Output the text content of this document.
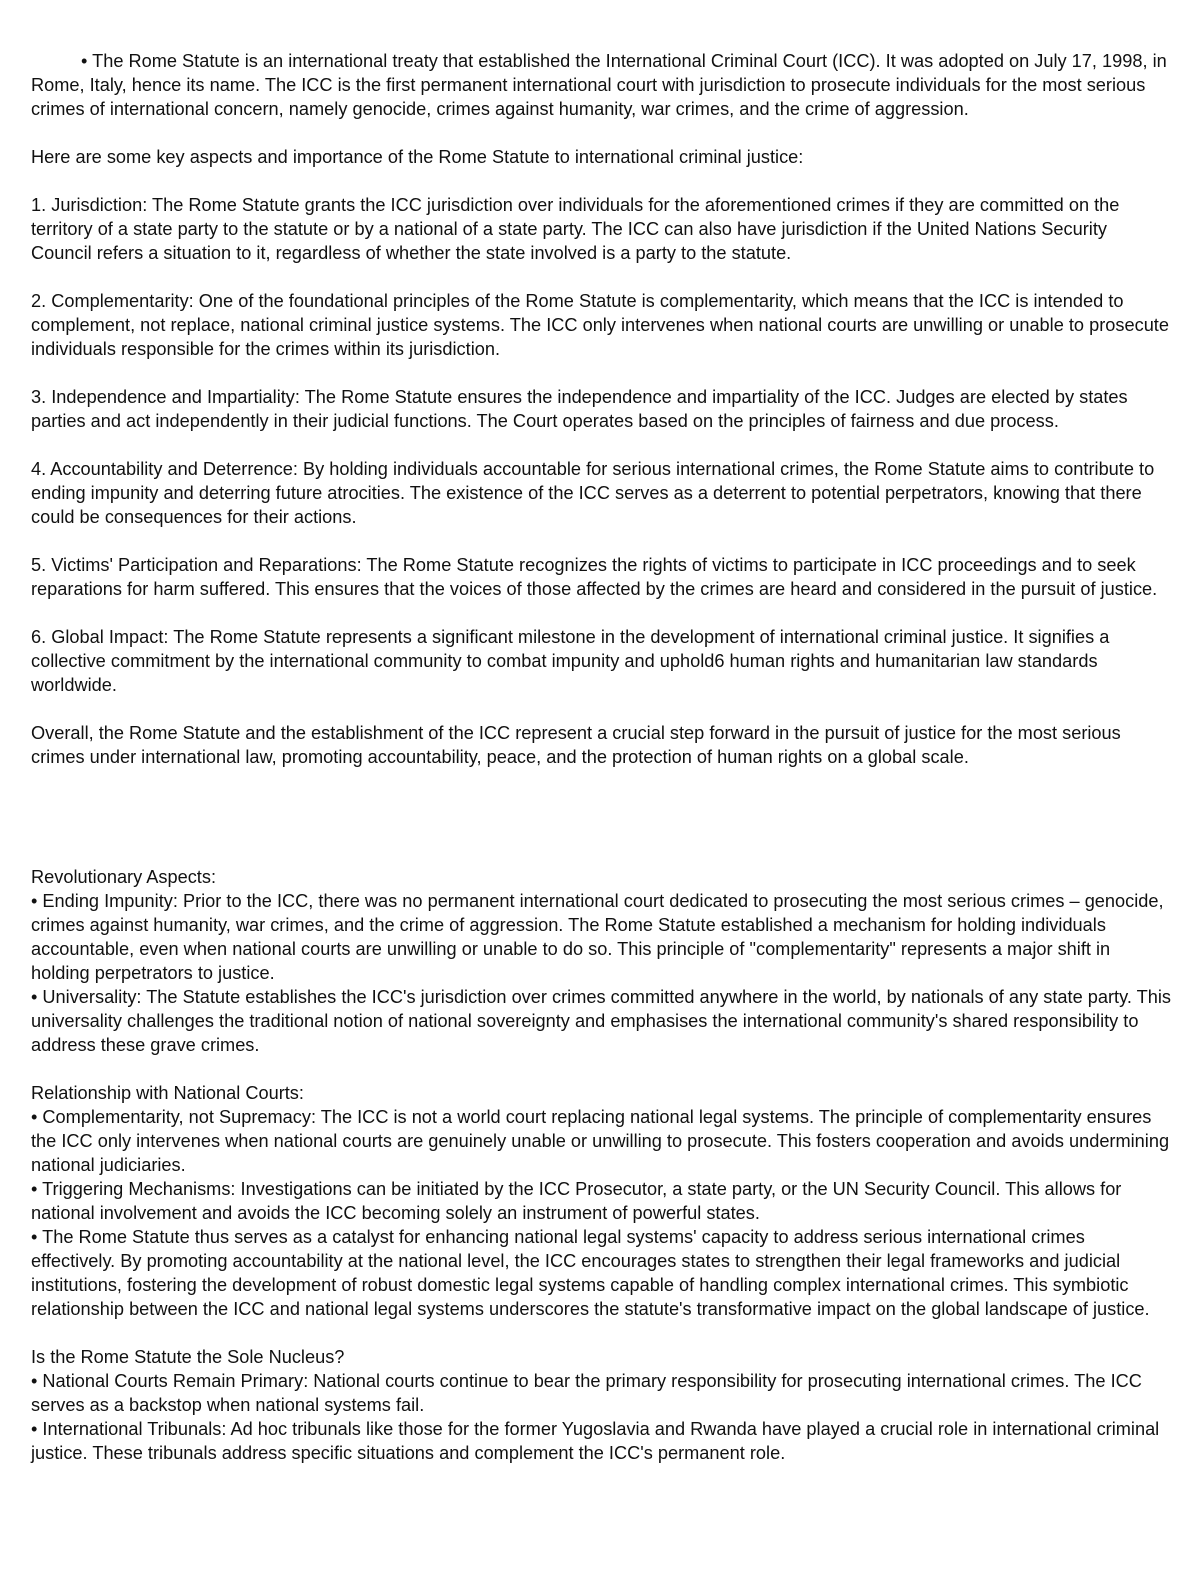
• The Rome Statute is an international treaty that established the International Criminal Court (ICC). It was adopted on July 17, 1998, in Rome, Italy, hence its name. The ICC is the first permanent international court with jurisdiction to prosecute individuals for the most serious crimes of international concern, namely genocide, crimes against humanity, war crimes, and the crime of aggression.

Here are some key aspects and importance of the Rome Statute to international criminal justice:

1. Jurisdiction: The Rome Statute grants the ICC jurisdiction over individuals for the aforementioned crimes if they are committed on the territory of a state party to the statute or by a national of a state party. The ICC can also have jurisdiction if the United Nations Security Council refers a situation to it, regardless of whether the state involved is a party to the statute.

2. Complementarity: One of the foundational principles of the Rome Statute is complementarity, which means that the ICC is intended to complement, not replace, national criminal justice systems. The ICC only intervenes when national courts are unwilling or unable to prosecute individuals responsible for the crimes within its jurisdiction.

3. Independence and Impartiality: The Rome Statute ensures the independence and impartiality of the ICC. Judges are elected by states parties and act independently in their judicial functions. The Court operates based on the principles of fairness and due process.

4. Accountability and Deterrence: By holding individuals accountable for serious international crimes, the Rome Statute aims to contribute to ending impunity and deterring future atrocities. The existence of the ICC serves as a deterrent to potential perpetrators, knowing that there could be consequences for their actions.

5. Victims' Participation and Reparations: The Rome Statute recognizes the rights of victims to participate in ICC proceedings and to seek reparations for harm suffered. This ensures that the voices of those affected by the crimes are heard and considered in the pursuit of justice.

6. Global Impact: The Rome Statute represents a significant milestone in the development of international criminal justice. It signifies a collective commitment by the international community to combat impunity and uphold6 human rights and humanitarian law standards worldwide.

Overall, the Rome Statute and the establishment of the ICC represent a crucial step forward in the pursuit of justice for the most serious crimes under international law, promoting accountability, peace, and the protection of human rights on a global scale.

Revolutionary Aspects:

• Ending Impunity: Prior to the ICC, there was no permanent international court dedicated to prosecuting the most serious crimes – genocide, crimes against humanity, war crimes, and the crime of aggression. The Rome Statute established a mechanism for holding individuals accountable, even when national courts are unwilling or unable to do so. This principle of "complementarity" represents a major shift in holding perpetrators to justice.

• Universality: The Statute establishes the ICC's jurisdiction over crimes committed anywhere in the world, by nationals of any state party. This universality challenges the traditional notion of national sovereignty and emphasises the international community's shared responsibility to address these grave crimes.

Relationship with National Courts:

• Complementarity, not Supremacy: The ICC is not a world court replacing national legal systems. The principle of complementarity ensures the ICC only intervenes when national courts are genuinely unable or unwilling to prosecute. This fosters cooperation and avoids undermining national judiciaries.

• Triggering Mechanisms: Investigations can be initiated by the ICC Prosecutor, a state party, or the UN Security Council. This allows for national involvement and avoids the ICC becoming solely an instrument of powerful states.

• The Rome Statute thus serves as a catalyst for enhancing national legal systems' capacity to address serious international crimes effectively. By promoting accountability at the national level, the ICC encourages states to strengthen their legal frameworks and judicial institutions, fostering the development of robust domestic legal systems capable of handling complex international crimes. This symbiotic relationship between the ICC and national legal systems underscores the statute's transformative impact on the global landscape of justice.

Is the Rome Statute the Sole Nucleus?

• National Courts Remain Primary: National courts continue to bear the primary responsibility for prosecuting international crimes. The ICC serves as a backstop when national systems fail.

• International Tribunals: Ad hoc tribunals like those for the former Yugoslavia and Rwanda have played a crucial role in international criminal justice. These tribunals address specific situations and complement the ICC's permanent role.
